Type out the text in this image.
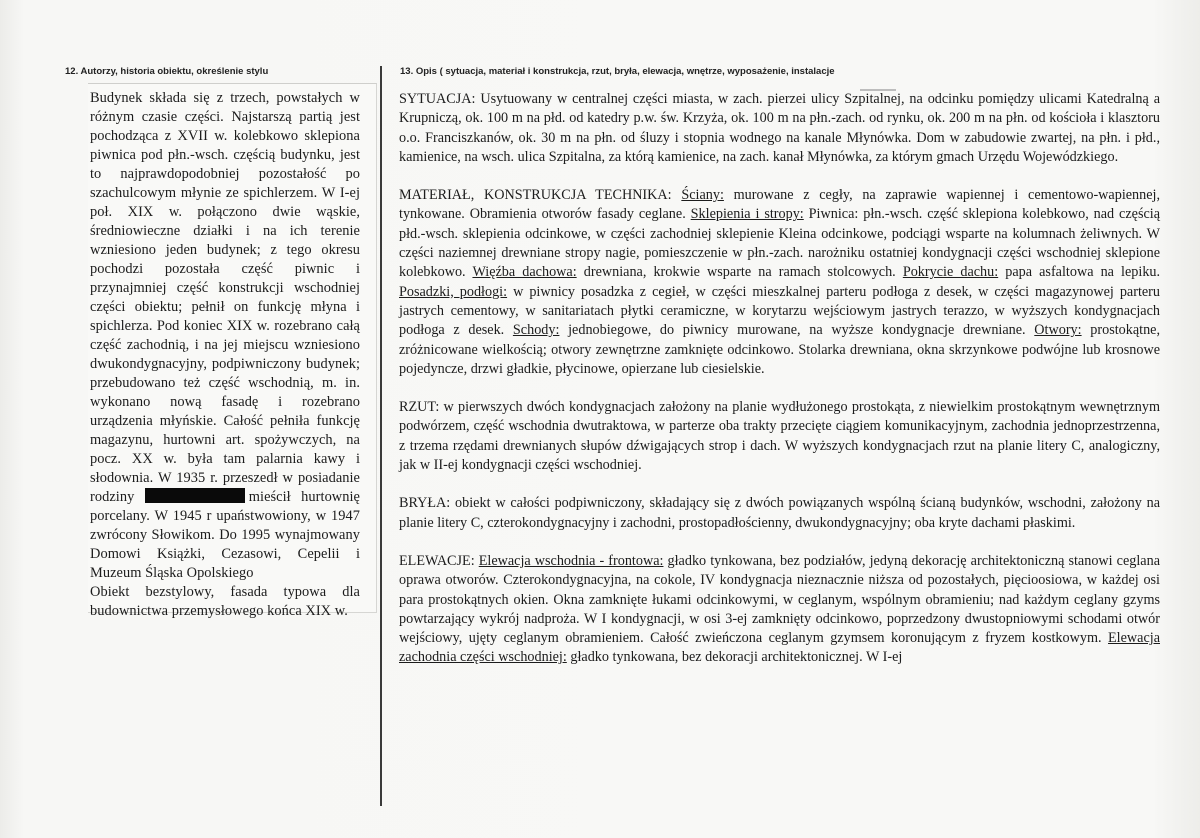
12. Autorzy, historia obiektu, określenie stylu

Budynek składa się z trzech, powstałych w różnym czasie części. Najstarszą partią jest pochodząca z XVII w. kolebkowo sklepiona piwnica pod płn.-wsch. częścią budynku, jest to najprawdopodobniej pozostałość po szachulcowym młynie ze spichlerzem. W I-ej poł. XIX w. połączono dwie wąskie, średniowieczne działki i na ich terenie wzniesiono jeden budynek; z tego okresu pochodzi pozostała część piwnic i przynajmniej część konstrukcji wschodniej części obiektu; pełnił on funkcję młyna i spichlerza. Pod koniec XIX w. rozebrano całą część zachodnią, i na jej miejscu wzniesiono dwukondygnacyjny, podpiwniczony budynek; przebudowano też część wschodnią, m. in. wykonano nową fasadę i rozebrano urządzenia młyńskie. Całość pełniła funkcję magazynu, hurtowni art. spożywczych, na pocz. XX w. była tam palarnia kawy i słodownia. W 1935 r. przeszedł w posiadanie rodziny	mieścił hurtownię porcelany. W 1945 r upaństwowiony, w 1947 zwrócony Słowikom. Do 1995 wynajmowany Domowi Książki, Cezasowi, Cepelii i Muzeum Śląska Opolskiego

Obiekt bezstylowy, fasada typowa dla budownictwa przemysłowego końca XIX w.

13. Opis ( sytuacja, materiał i konstrukcja, rzut, bryła, elewacja, wnętrze, wyposażenie, instalacje

SYTUACJA: Usytuowany w centralnej części miasta, w zach. pierzei ulicy Szpitalnej, na odcinku pomiędzy ulicami Katedralną a Krupniczą, ok. 100 m na płd. od katedry p.w. św. Krzyża, ok. 100 m na płn.-zach. od rynku, ok. 200 m na płn. od kościoła i klasztoru o.o. Franciszkanów, ok. 30 m na płn. od śluzy i stopnia wodnego na kanale Młynówka. Dom w zabudowie zwartej, na płn. i płd., kamienice, na wsch. ulica Szpitalna, za którą kamienice, na zach. kanał Młynówka, za którym gmach Urzędu Wojewódzkiego.

MATERIAŁ, KONSTRUKCJA TECHNIKA: Ściany: murowane z cegły, na zaprawie wapiennej i cementowo-wapiennej, tynkowane. Obramienia otworów fasady ceglane. Sklepienia i stropy: Piwnica: płn.-wsch. część sklepiona kolebkowo, nad częścią płd.-wsch. sklepienia odcinkowe, w części zachodniej sklepienie Kleina odcinkowe, podciągi wsparte na kolumnach żeliwnych. W części naziemnej drewniane stropy nagie, pomieszczenie w płn.-zach. narożniku ostatniej kondygnacji części wschodniej sklepione kolebkowo. Więźba dachowa: drewniana, krokwie wsparte na ramach stolcowych. Pokrycie dachu: papa asfaltowa na lepiku. Posadzki, podłogi: w piwnicy posadzka z cegieł, w części mieszkalnej parteru podłoga z desek, w części magazynowej parteru jastrych cementowy, w sanitariatach płytki ceramiczne, w korytarzu wejściowym jastrych terazzo, w wyższych kondygnacjach podłoga z desek. Schody: jednobiegowe, do piwnicy murowane, na wyższe kondygnacje drewniane. Otwory: prostokątne, zróżnicowane wielkością; otwory zewnętrzne zamknięte odcinkowo. Stolarka drewniana, okna skrzynkowe podwójne lub krosnowe pojedyncze, drzwi gładkie, płycinowe, opierzane lub ciesielskie.

RZUT: w pierwszych dwóch kondygnacjach założony na planie wydłużonego prostokąta, z niewielkim prostokątnym wewnętrznym podwórzem, część wschodnia dwutraktowa, w parterze oba trakty przecięte ciągiem komunikacyjnym, zachodnia jednoprzestrzenna, z trzema rzędami drewnianych słupów dźwigających strop i dach. W wyższych kondygnacjach rzut na planie litery C, analogiczny, jak w II-ej kondygnacji części wschodniej.

BRYŁA: obiekt w całości podpiwniczony, składający się z dwóch powiązanych wspólną ścianą budynków, wschodni, założony na planie litery C, czterokondygnacyjny i zachodni, prostopadłościenny, dwukondygnacyjny; oba kryte dachami płaskimi.

ELEWACJE: Elewacja wschodnia - frontowa: gładko tynkowana, bez podziałów, jedyną dekorację architektoniczną stanowi ceglana oprawa otworów. Czterokondygnacyjna, na cokole, IV kondygnacja nieznacznie niższa od pozostałych, pięcioosiowa, w każdej osi para prostokątnych okien. Okna zamknięte łukami odcinkowymi, w ceglanym, wspólnym obramieniu; nad każdym ceglany gzyms powtarzający wykrój nadproża. W I kondygnacji, w osi 3-ej zamknięty odcinkowo, poprzedzony dwustopniowymi schodami otwór wejściowy, ujęty ceglanym obramieniem. Całość zwieńczona ceglanym gzymsem koronującym z fryzem kostkowym. Elewacja zachodnia części wschodniej: gładko tynkowana, bez dekoracji architektonicznej. W I-ej
